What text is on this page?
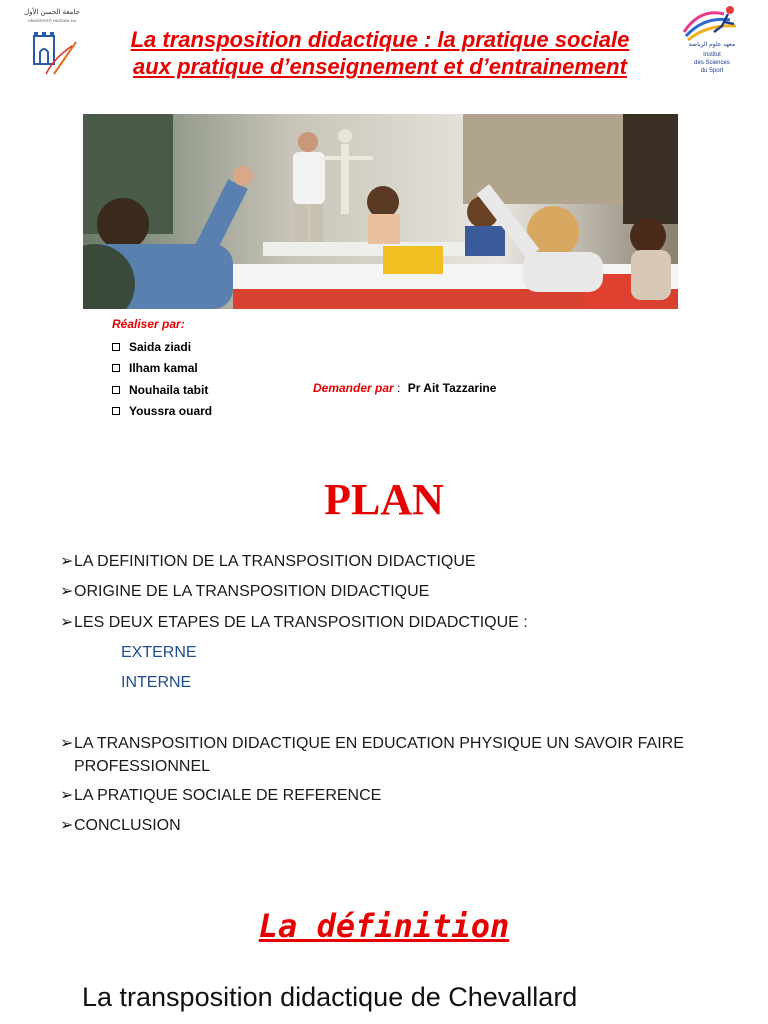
جامعة الحسن الأول
UNIVERSITÉ HASSAN 1er
معهد علوم الرياضة
Institut
des Sciences
du Sport
La transposition didactique : la pratique sociale aux pratique d’enseignement et d’entrainement
Réaliser par:
Saida ziadi
Ilham kamal
Nouhaila tabit
Youssra ouard
Demander par : Pr Ait Tazzarine
PLAN
➢LA DEFINITION DE LA TRANSPOSITION DIDACTIQUE
➢ORIGINE DE LA TRANSPOSITION DIDACTIQUE
➢LES DEUX ETAPES DE LA TRANSPOSITION DIDADCTIQUE :
EXTERNE
INTERNE
➢LA TRANSPOSITION DIDACTIQUE EN EDUCATION PHYSIQUE UN SAVOIR FAIRE PROFESSIONNEL
➢LA PRATIQUE SOCIALE DE REFERENCE
➢CONCLUSION
La définition
La transposition didactique de Chevallard
